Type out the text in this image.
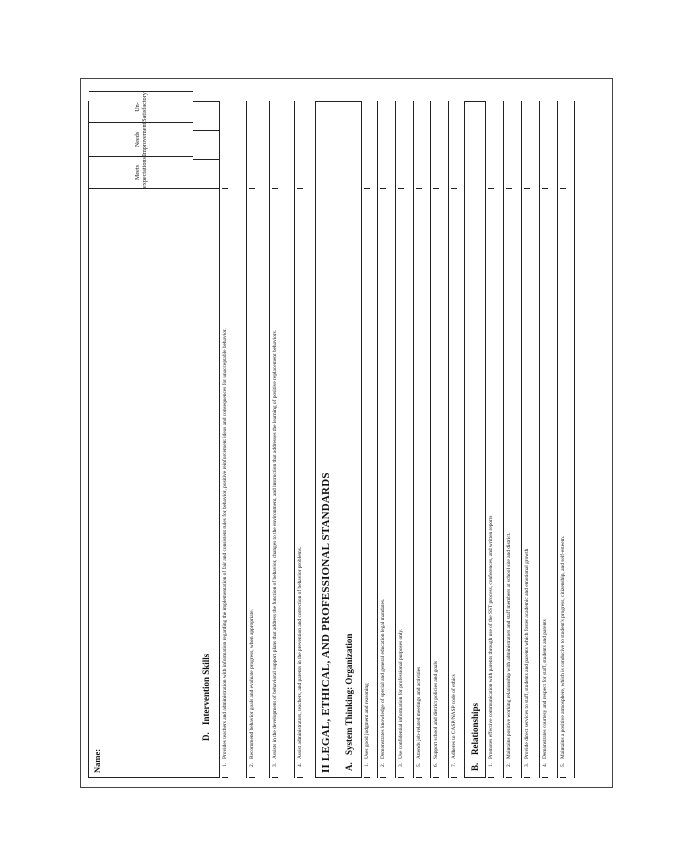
Name:
Meets expectations
Needs Improvement
Un-Satisfactory
D.
Intervention Skills
1.
Provides teachers and administration with information regarding the implementation of fair and consistent rules for behavior, positive reinforcement ideas and consequences for unacceptable behavior.
2.
Recommend behavior goals and evaluate progress, when appropriate.
3.
Assists in the development of behavioral support plans that address the function of behavior, changes to the environment, and instruction that addresses the learning of positive replacement behaviors.
4.
Assist administrators, teachers, and parents in the prevention and correction of behavior problems.	II LEGAL, ETHICAL, AND PROFESSIONAL STANDARDS	A.
System Thinking: Organization
1.
Uses good judgment and reasoning
2.
Demonstrates knowledge of special and general education legal mandates.
3.
Use confidential information for professional purposes only.
5.
Attends job-related meetings and activities
6.
Support school and district policies and goals
7.
Adheres to CASP/NASP code of ethics
B.
Relationships
1.
Promotes effective communication with parents through use of the SST process, conferences, and written reports
2.
Maintains positive working relationship with administrators and staff members at school site and district.
3.
Provide direct services to staff, students and parents which foster academic and emotional growth
4.
Demonstrates courtesy and respect for staff, students and parents
5.
Maintains a positive atmosphere, which is conducive to student's progress, citizenship, and self-esteem.
